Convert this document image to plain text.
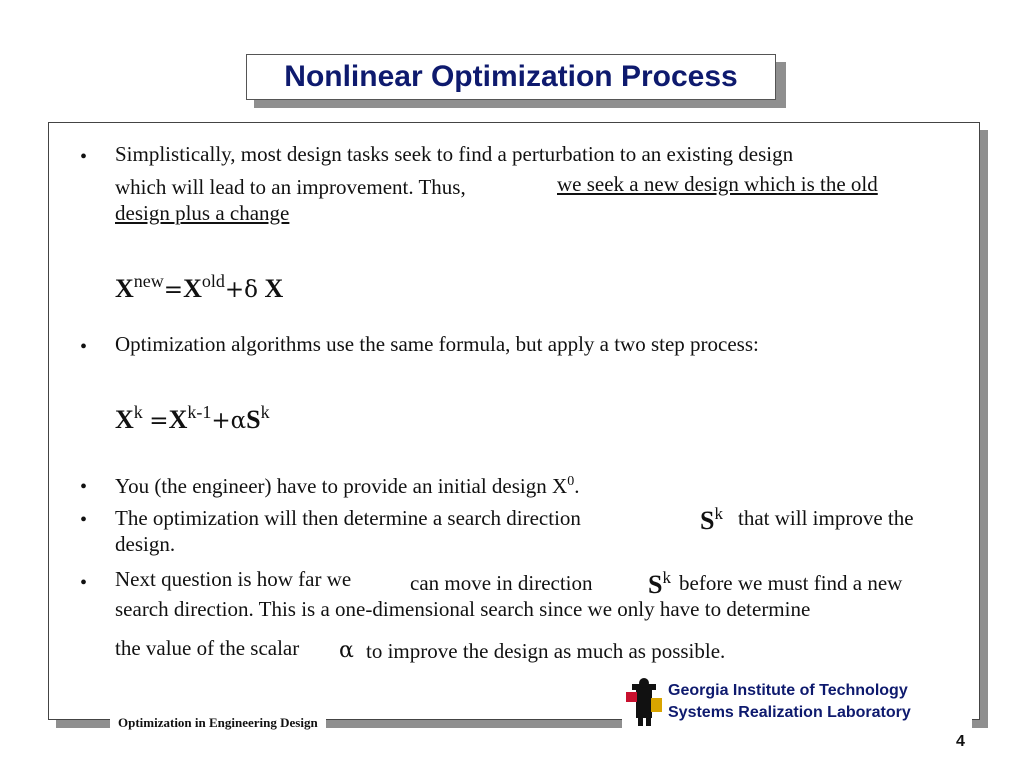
Nonlinear Optimization Process
• Simplistically, most design tasks seek to find a perturbation to an existing design
which will lead to an improvement. Thus,	we seek a new design which is the old
design plus a change
$X^{new}=X^{old}+\delta$ X
• Optimization algorithms use the same formula, but apply a two step process:
$X^k =X^{k-1}+\alpha S^k$
• You (the engineer) have to provide an initial design $X^0$.
• The optimization will then determine a search direction	$S^k$ that will improve the
design.
• Next question is how far we	can move in direction $S^k$ before we must find a new
search direction. This is a one-dimensional search since we only have to determine
the value of the scalar α to improve the design as much as possible.
Optimization in Engineering Design
Georgia Institute of Technology
Systems Realization Laboratory
4
